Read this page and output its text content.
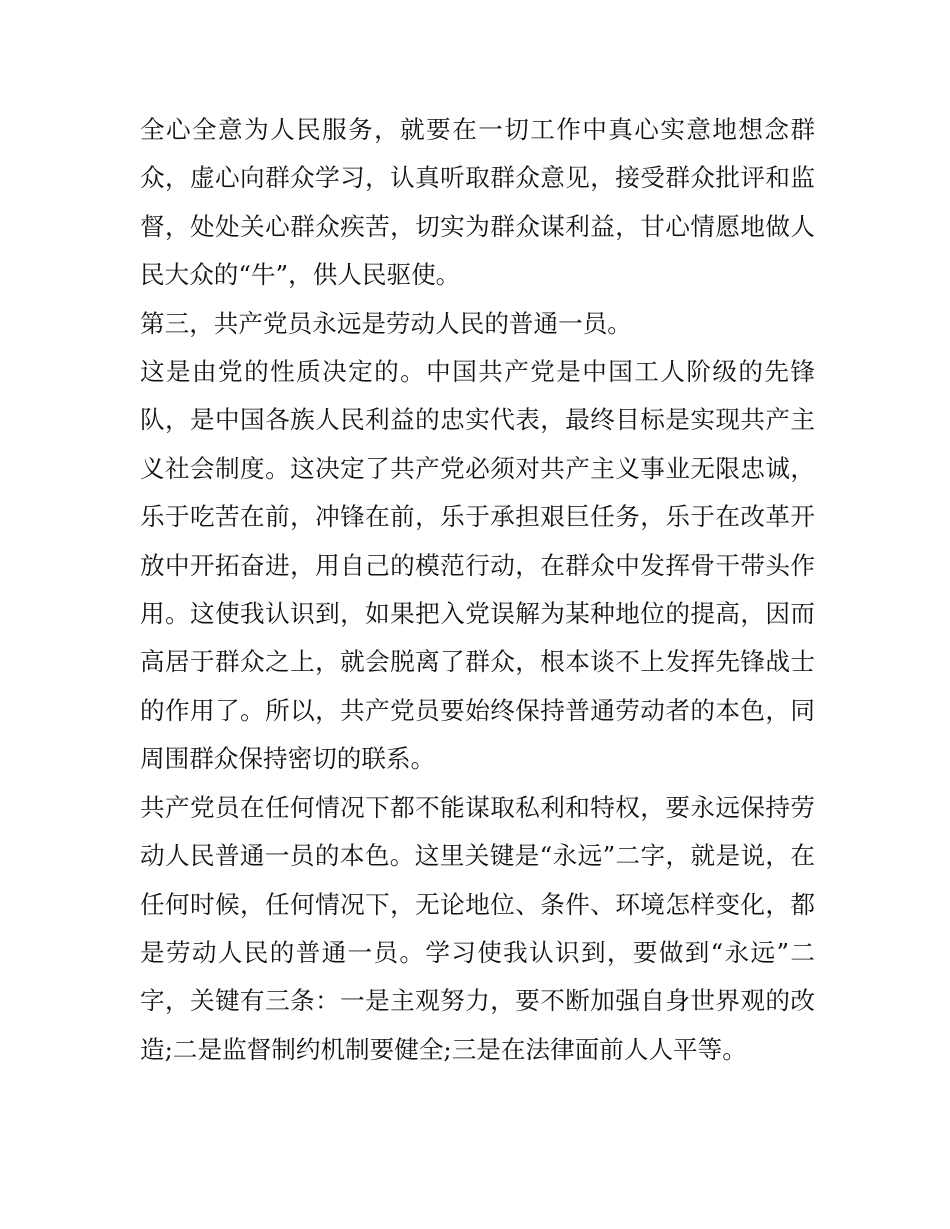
全心全意为人民服务，就要在一切工作中真心实意地想念群众，虚心向群众学习，认真听取群众意见，接受群众批评和监督，处处关心群众疾苦，切实为群众谋利益，甘心情愿地做人民大众的“牛”，供人民驱使。

第三，共产党员永远是劳动人民的普通一员。

这是由党的性质决定的。中国共产党是中国工人阶级的先锋队，是中国各族人民利益的忠实代表，最终目标是实现共产主义社会制度。这决定了共产党必须对共产主义事业无限忠诚，乐于吃苦在前，冲锋在前，乐于承担艰巨任务，乐于在改革开放中开拓奋进，用自己的模范行动，在群众中发挥骨干带头作用。这使我认识到，如果把入党误解为某种地位的提高，因而高居于群众之上，就会脱离了群众，根本谈不上发挥先锋战士的作用了。所以，共产党员要始终保持普通劳动者的本色，同周围群众保持密切的联系。

共产党员在任何情况下都不能谋取私利和特权，要永远保持劳动人民普通一员的本色。这里关键是“永远”二字，就是说，在任何时候，任何情况下，无论地位、条件、环境怎样变化，都是劳动人民的普通一员。学习使我认识到，要做到“永远”二字，关键有三条：一是主观努力，要不断加强自身世界观的改造;二是监督制约机制要健全;三是在法律面前人人平等。
